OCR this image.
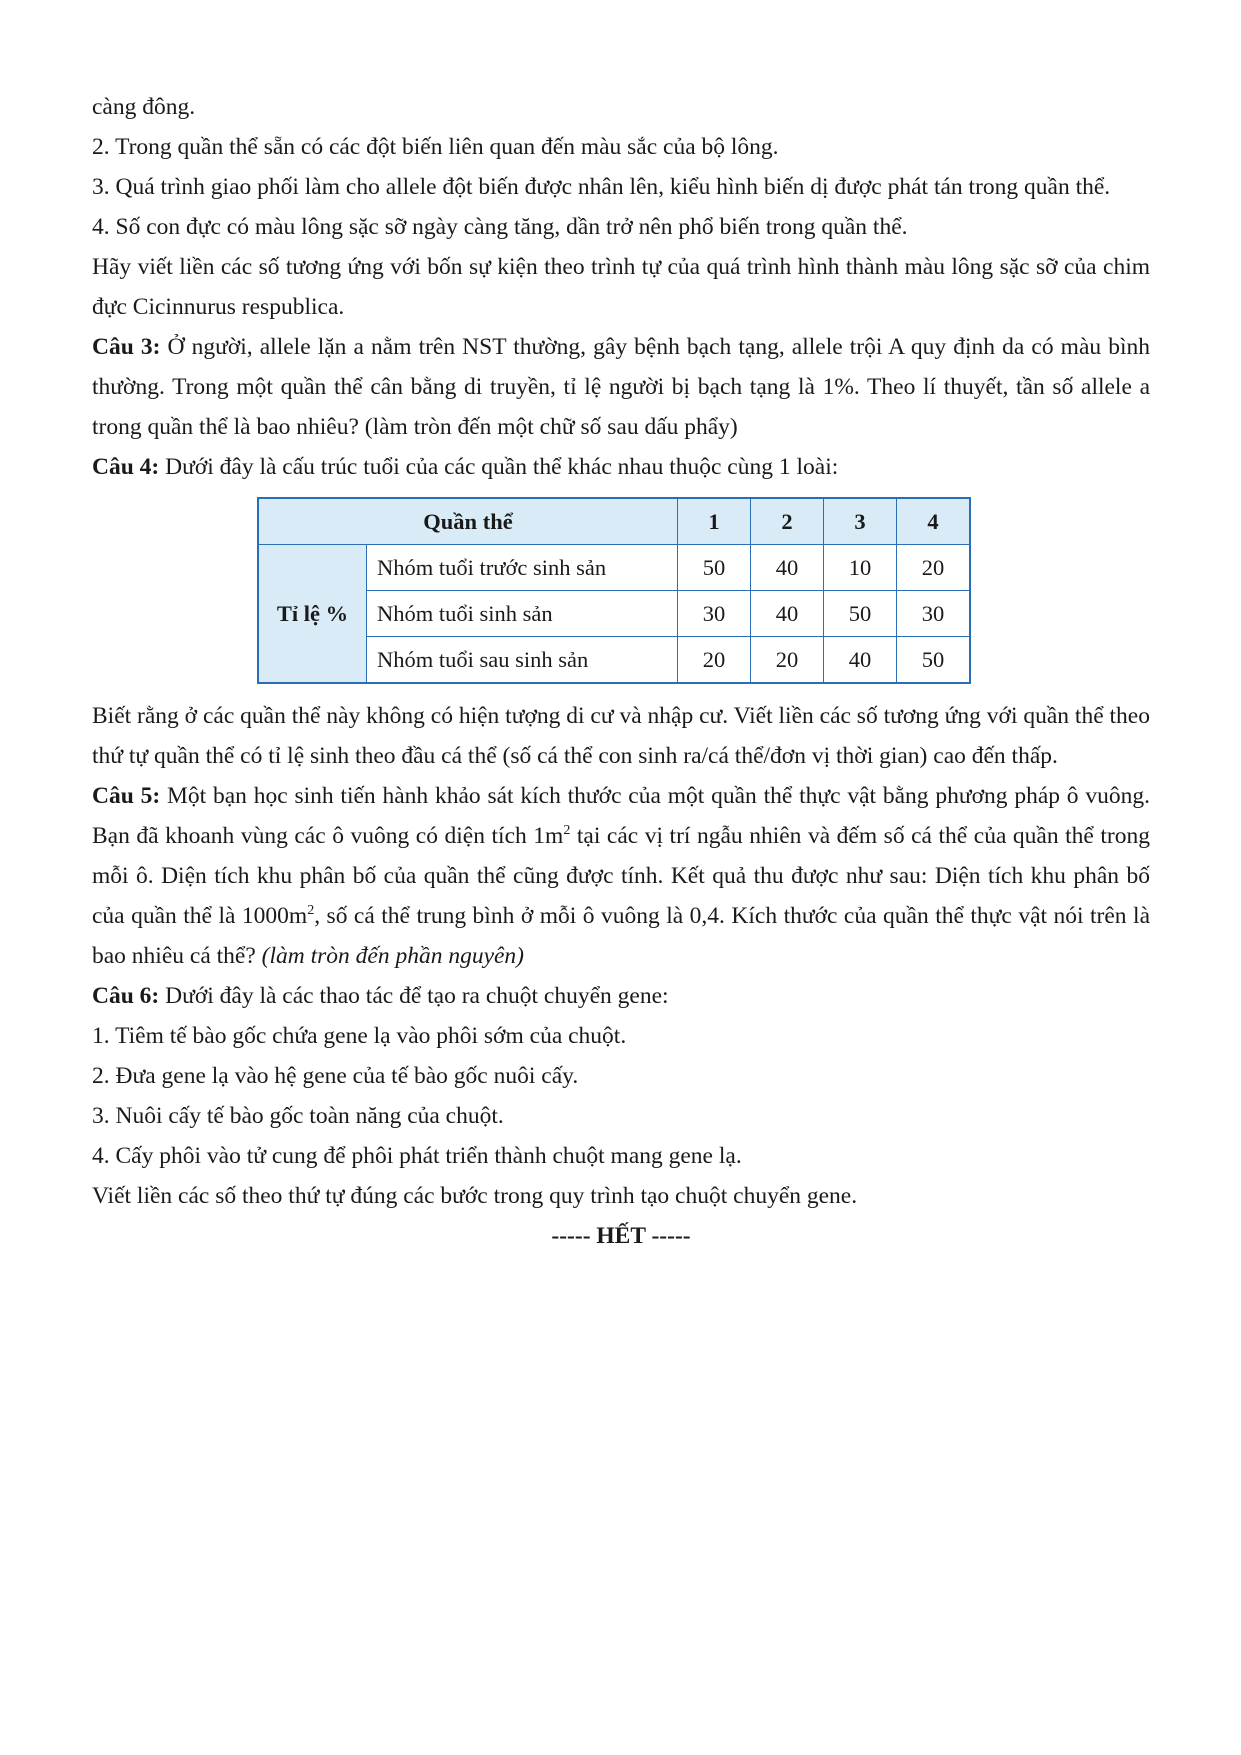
càng đông.

2. Trong quần thể sẵn có các đột biến liên quan đến màu sắc của bộ lông.

3. Quá trình giao phối làm cho allele đột biến được nhân lên, kiểu hình biến dị được phát tán trong quần thể.

4. Số con đực có màu lông sặc sỡ ngày càng tăng, dần trở nên phổ biến trong quần thể.

Hãy viết liền các số tương ứng với bốn sự kiện theo trình tự của quá trình hình thành màu lông sặc sỡ của chim đực Cicinnurus respublica.

Câu 3: Ở người, allele lặn a nằm trên NST thường, gây bệnh bạch tạng, allele trội A quy định da có màu bình thường. Trong một quần thể cân bằng di truyền, tỉ lệ người bị bạch tạng là 1%. Theo lí thuyết, tần số allele a trong quần thể là bao nhiêu? (làm tròn đến một chữ số sau dấu phẩy)

Câu 4: Dưới đây là cấu trúc tuổi của các quần thể khác nhau thuộc cùng 1 loài:

Quần thể		1	2	3	4
Tỉ lệ %	Nhóm tuổi trước sinh sản	50	40	10	20
	Nhóm tuổi sinh sản	30	40	50	30
	Nhóm tuổi sau sinh sản	20	20	40	50

Biết rằng ở các quần thể này không có hiện tượng di cư và nhập cư. Viết liền các số tương ứng với quần thể theo thứ tự quần thể có tỉ lệ sinh theo đầu cá thể (số cá thể con sinh ra/cá thể/đơn vị thời gian) cao đến thấp.

Câu 5: Một bạn học sinh tiến hành khảo sát kích thước của một quần thể thực vật bằng phương pháp ô vuông. Bạn đã khoanh vùng các ô vuông có diện tích $1m^2$ tại các vị trí ngẫu nhiên và đếm số cá thể của quần thể trong mỗi ô. Diện tích khu phân bố của quần thể cũng được tính. Kết quả thu được như sau: Diện tích khu phân bố của quần thể là $1000m^2$, số cá thể trung bình ở mỗi ô vuông là 0,4. Kích thước của quần thể thực vật nói trên là bao nhiêu cá thể? (làm tròn đến phần nguyên)

Câu 6: Dưới đây là các thao tác để tạo ra chuột chuyển gene:

1. Tiêm tế bào gốc chứa gene lạ vào phôi sớm của chuột.

2. Đưa gene lạ vào hệ gene của tế bào gốc nuôi cấy.

3. Nuôi cấy tế bào gốc toàn năng của chuột.

4. Cấy phôi vào tử cung để phôi phát triển thành chuột mang gene lạ.

Viết liền các số theo thứ tự đúng các bước trong quy trình tạo chuột chuyển gene.

----- HẾT -----
